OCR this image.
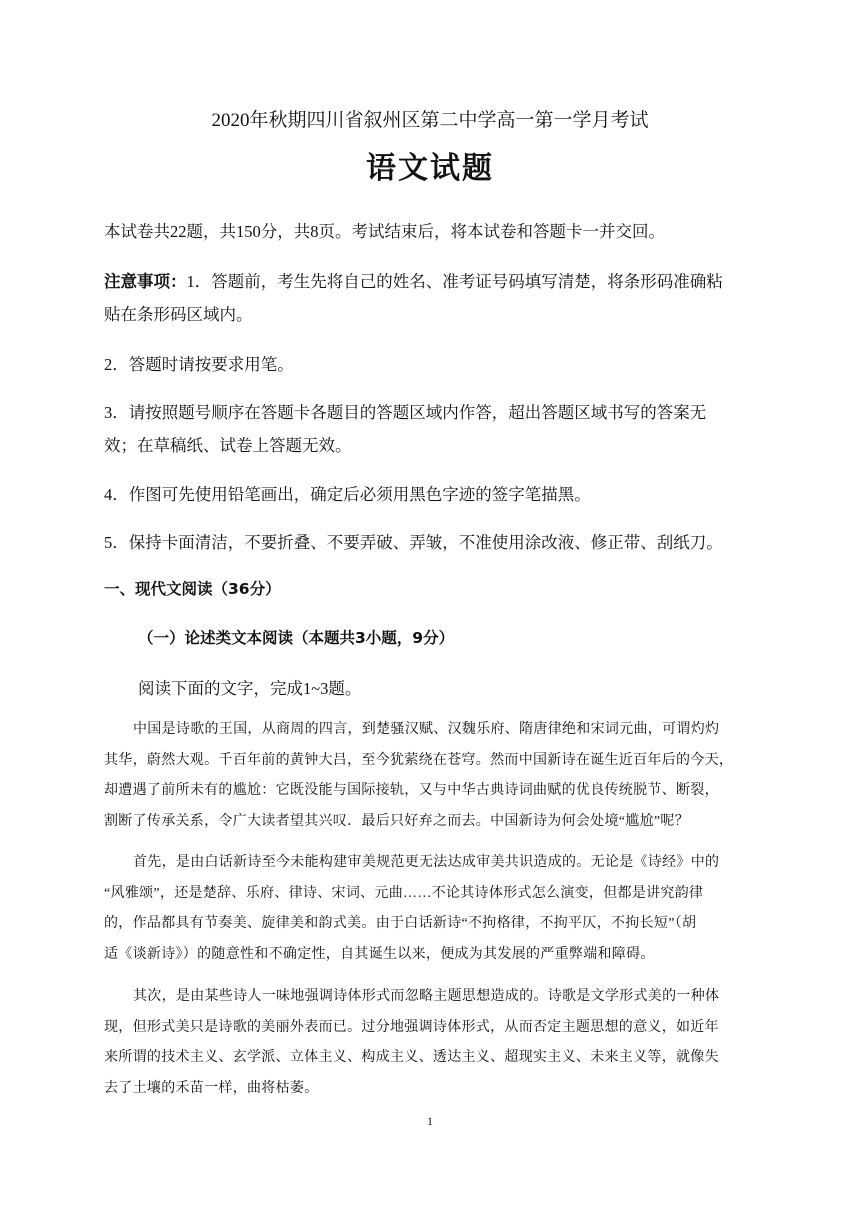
2020年秋期四川省叙州区第二中学高一第一学月考试
语文试题
本试卷共22题，共150分，共8页。考试结束后，将本试卷和答题卡一并交回。
注意事项：1．答题前，考生先将自己的姓名、准考证号码填写清楚，将条形码准确粘
贴在条形码区域内。
2．答题时请按要求用笔。
3．请按照题号顺序在答题卡各题目的答题区域内作答，超出答题区域书写的答案无
效；在草稿纸、试卷上答题无效。
4．作图可先使用铅笔画出，确定后必须用黑色字迹的签字笔描黑。
5．保持卡面清洁，不要折叠、不要弄破、弄皱，不准使用涂改液、修正带、刮纸刀。
一、现代文阅读（36分）
（一）论述类文本阅读（本题共3小题，9分）
阅读下面的文字，完成1~3题。
中国是诗歌的王国，从商周的四言，到楚骚汉赋、汉魏乐府、隋唐律绝和宋词元曲，可谓灼灼
其华，蔚然大观。千百年前的黄钟大吕，至今犹萦绕在苍穹。然而中国新诗在诞生近百年后的今天，
却遭遇了前所未有的尴尬：它既没能与国际接轨，又与中华古典诗词曲赋的优良传统脱节、断裂，
割断了传承关系，令广大读者望其兴叹．最后只好弃之而去。中国新诗为何会处境“尴尬”呢？
首先，是由白话新诗至今未能构建审美规范更无法达成审美共识造成的。无论是《诗经》中的
“风雅颂”，还是楚辞、乐府、律诗、宋词、元曲……不论其诗体形式怎么演变，但都是讲究韵律
的，作品都具有节奏美、旋律美和韵式美。由于白话新诗“不拘格律，不拘平仄，不拘长短”（胡
适《谈新诗》）的随意性和不确定性，自其诞生以来，便成为其发展的严重弊端和障碍。
其次，是由某些诗人一味地强调诗体形式而忽略主题思想造成的。诗歌是文学形式美的一种体
现，但形式美只是诗歌的美丽外表而已。过分地强调诗体形式，从而否定主题思想的意义，如近年
来所谓的技术主义、玄学派、立体主义、构成主义、透达主义、超现实主义、未来主义等，就像失
去了土壤的禾苗一样，曲将枯萎。
1
